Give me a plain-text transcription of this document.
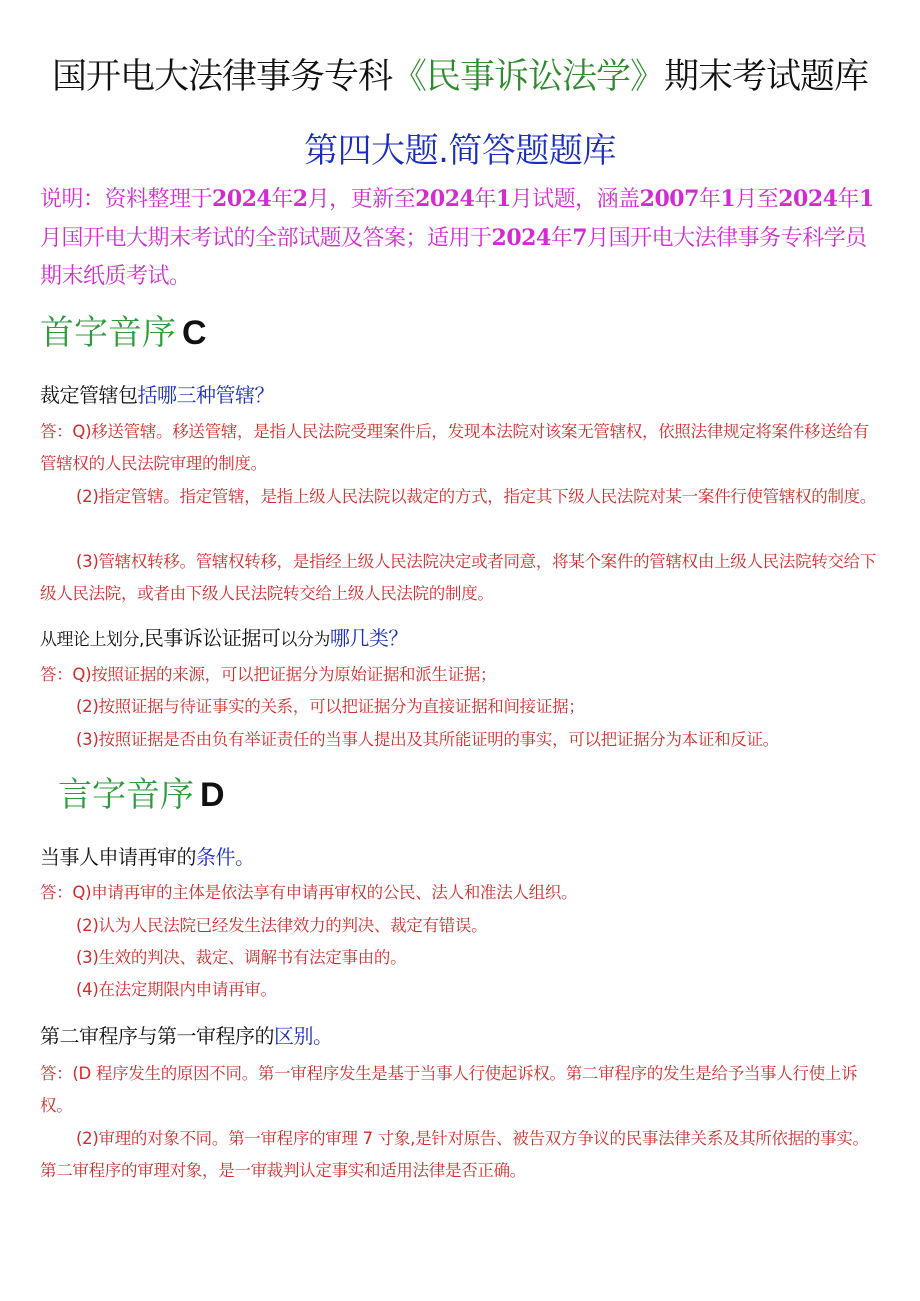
国开电大法律事务专科《民事诉讼法学》期末考试题库
第四大题.简答题题库
说明：资料整理于2024年2月，更新至2024年1月试题，涵盖2007年1月至2024年1月国开电大期末考试的全部试题及答案；适用于2024年7月国开电大法律事务专科学员期末纸质考试。
首字音序 C
裁定管辖包括哪三种管辖？
答：Q)移送管辖。移送管辖，是指人民法院受理案件后，发现本法院对该案无管辖权，依照法律规定将案件移送给有管辖权的人民法院审理的制度。
(2)指定管辖。指定管辖，是指上级人民法院以裁定的方式，指定其下级人民法院对某一案件行使管辖权的制度。
(3)管辖权转移。管辖权转移，是指经上级人民法院决定或者同意，将某个案件的管辖权由上级人民法院转交给下级人民法院，或者由下级人民法院转交给上级人民法院的制度。
从理论上划分,民事诉讼证据可以分为哪几类？
答：Q)按照证据的来源，可以把证据分为原始证据和派生证据；
(2)按照证据与待证事实的关系，可以把证据分为直接证据和间接证据；
(3)按照证据是否由负有举证责任的当事人提出及其所能证明的事实，可以把证据分为本证和反证。
言字音序 D
当事人申请再审的条件。
答：Q)申请再审的主体是依法享有申请再审权的公民、法人和准法人组织。
(2)认为人民法院已经发生法律效力的判决、裁定有错误。
(3)生效的判决、裁定、调解书有法定事由的。
(4)在法定期限内申请再审。
第二审程序与第一审程序的区别。
答：(D 程序发生的原因不同。第一审程序发生是基于当事人行使起诉权。第二审程序的发生是给予当事人行使上诉权。
(2)审理的对象不同。第一审程序的审理 7 寸象,是针对原告、被告双方争议的民事法律关系及其所依据的事实。第二审程序的审理对象，是一审裁判认定事实和适用法律是否正确。
